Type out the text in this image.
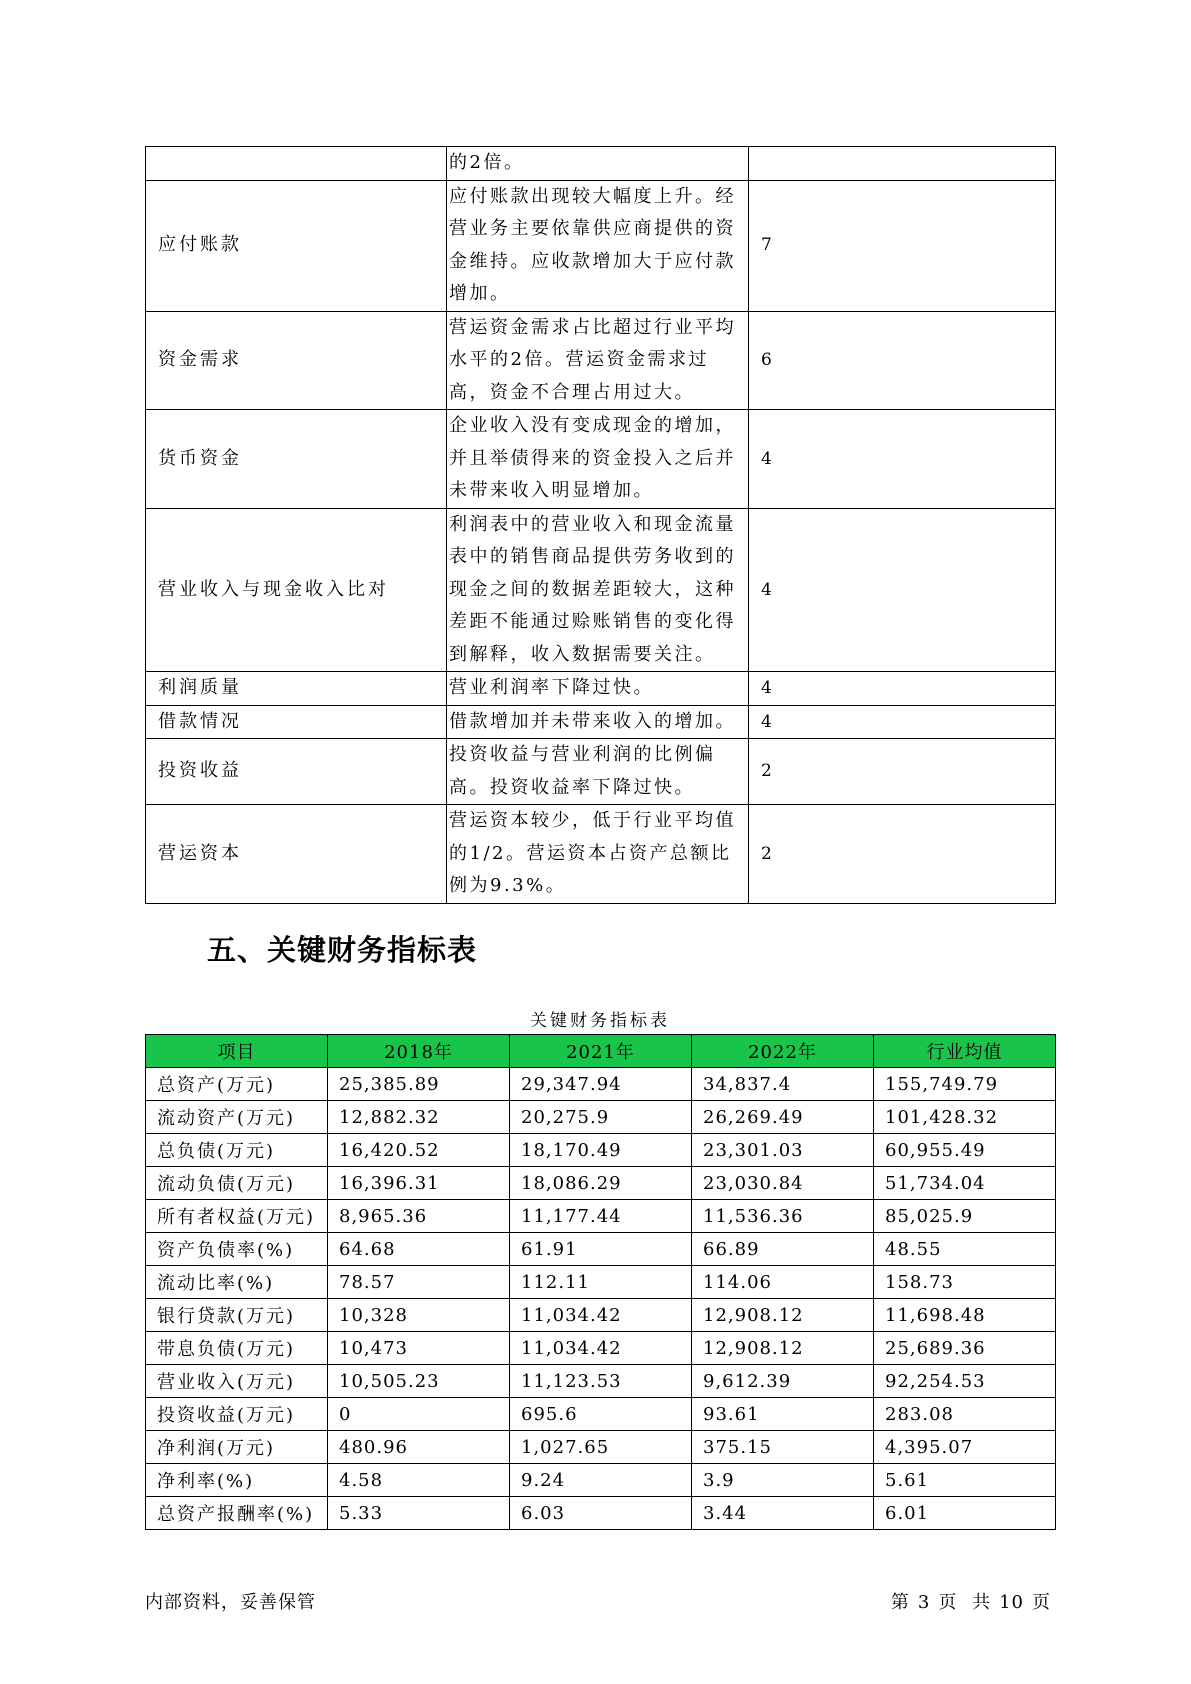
	的2倍。	
应付账款	应付账款出现较大幅度上升。经营业务主要依靠供应商提供的资金维持。应收款增加大于应付款增加。	7
资金需求	营运资金需求占比超过行业平均水平的2倍。营运资金需求过高，资金不合理占用过大。	6
货币资金	企业收入没有变成现金的增加，并且举债得来的资金投入之后并未带来收入明显增加。	4
营业收入与现金收入比对	利润表中的营业收入和现金流量表中的销售商品提供劳务收到的现金之间的数据差距较大，这种差距不能通过赊账销售的变化得到解释，收入数据需要关注。	4
利润质量	营业利润率下降过快。	4
借款情况	借款增加并未带来收入的增加。	4
投资收益	投资收益与营业利润的比例偏高。投资收益率下降过快。	2
营运资本	营运资本较少，低于行业平均值的1/2。营运资本占资产总额比例为9.3%。	2
五、关键财务指标表
关键财务指标表
项目	2018年	2021年	2022年	行业均值
总资产(万元)	25,385.89	29,347.94	34,837.4	155,749.79
流动资产(万元)	12,882.32	20,275.9	26,269.49	101,428.32
总负债(万元)	16,420.52	18,170.49	23,301.03	60,955.49
流动负债(万元)	16,396.31	18,086.29	23,030.84	51,734.04
所有者权益(万元)	8,965.36	11,177.44	11,536.36	85,025.9
资产负债率(%)	64.68	61.91	66.89	48.55
流动比率(%)	78.57	112.11	114.06	158.73
银行贷款(万元)	10,328	11,034.42	12,908.12	11,698.48
带息负债(万元)	10,473	11,034.42	12,908.12	25,689.36
营业收入(万元)	10,505.23	11,123.53	9,612.39	92,254.53
投资收益(万元)	0	695.6	93.61	283.08
净利润(万元)	480.96	1,027.65	375.15	4,395.07
净利率(%)	4.58	9.24	3.9	5.61
总资产报酬率(%)	5.33	6.03	3.44	6.01
内部资料，妥善保管	第 3 页 共 10 页
